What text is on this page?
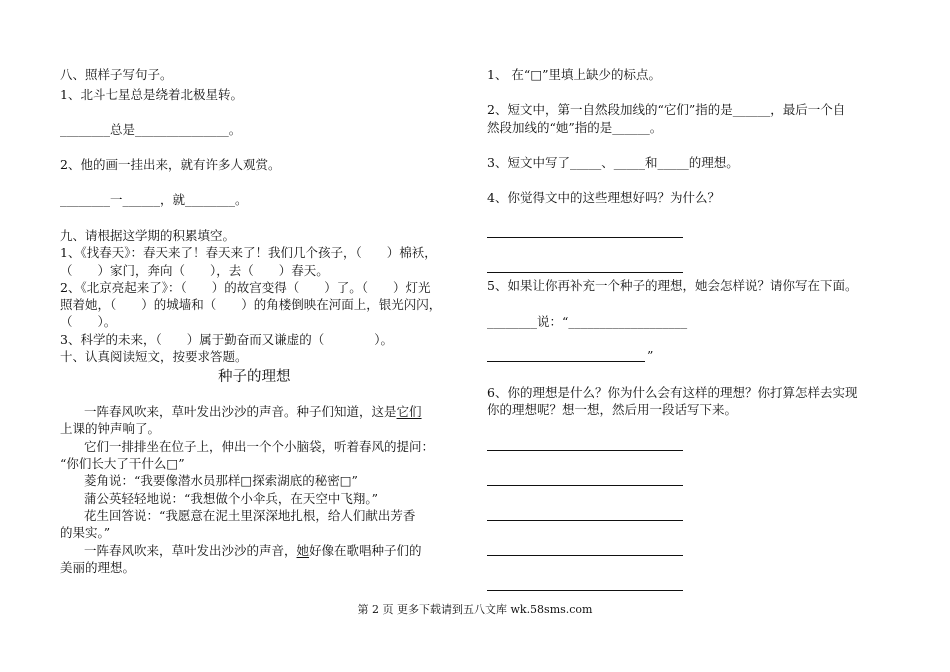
八、照样子写句子。
1、北斗七星总是绕着北极星转。
________总是_______________。
2、他的画一挂出来，就有许多人观赏。
________一______，就________。
九、请根据这学期的积累填空。
1、《找春天》：春天来了！春天来了！我们几个孩子，（　　）棉袄，
（　　）家门，奔向（　　），去（　　）春天。
2、《北京亮起来了》：（　　）的故宫变得（　　）了。（　　）灯光
照着她，（　　）的城墙和（　　）的角楼倒映在河面上，银光闪闪，
（　　）。
3、科学的未来，（　　）属于勤奋而又谦虚的（　　　　）。
十、认真阅读短文，按要求答题。
种子的理想
一阵春风吹来，草叶发出沙沙的声音。种子们知道，这是它们
上课的钟声响了。
它们一排排坐在位子上，伸出一个个小脑袋，听着春风的提问：
“你们长大了干什么□”
菱角说：“我要像潜水员那样□探索湖底的秘密□”
蒲公英轻轻地说：“我想做个小伞兵，在天空中飞翔。”
花生回答说：“我愿意在泥土里深深地扎根，给人们献出芳香
的果实。”
一阵春风吹来，草叶发出沙沙的声音，她好像在歌唱种子们的
美丽的理想。
1、 在“□”里填上缺少的标点。
2、短文中，第一自然段加线的“它们”指的是______，最后一个自
然段加线的“她”指的是______。
3、短文中写了_____、_____和_____的理想。
4、你觉得文中的这些理想好吗？为什么？
5、如果让你再补充一个种子的理想，她会怎样说？请你写在下面。
________说：“___________________
”
6、你的理想是什么？你为什么会有这样的理想？你打算怎样去实现
你的理想呢？想一想，然后用一段话写下来。
第 2 页 更多下载请到五八文库 wk.58sms.com
